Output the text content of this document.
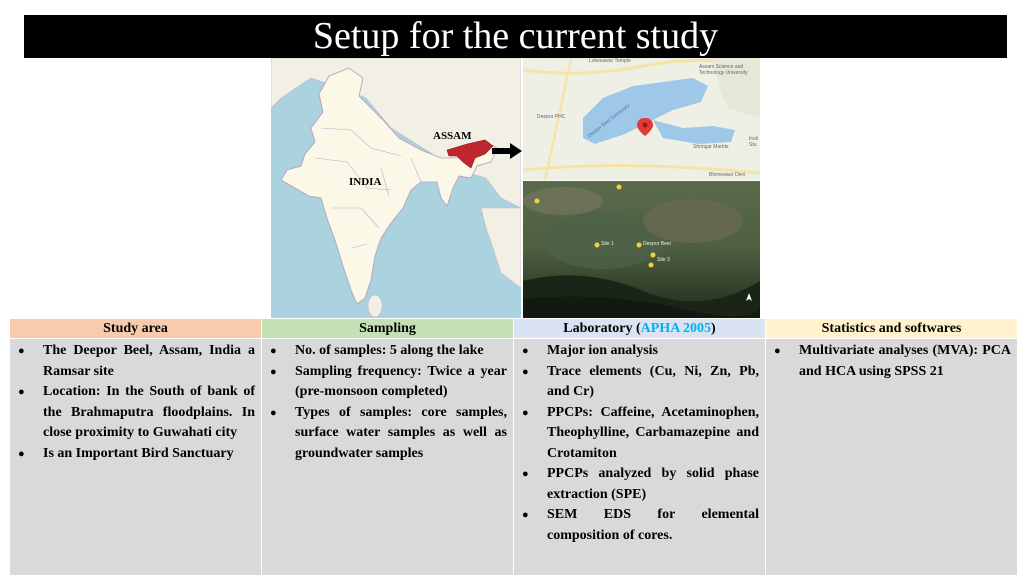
Setup for the current study
ASSAM
INDIA
Lokesawar Temple
Assam Science and Technology University
Deepor PHC	Deepor Beel Sanctuary
Shringar Marble
Insti Stu
Bhimeswer Devi
Site 1	Deepor Beel
Site 3
Study area
● The Deepor Beel, Assam, India a Ramsar site
● Location: In the South of bank of the Brahmaputra floodplains. In close proximity to Guwahati city
● Is an Important Bird Sanctuary
Sampling
● No. of samples: 5 along the lake
● Sampling frequency: Twice a year (pre-monsoon completed)
● Types of samples: core samples, surface water samples as well as groundwater samples
Laboratory (APHA 2005)
● Major ion analysis
● Trace elements (Cu, Ni, Zn, Pb, and Cr)
● PPCPs: Caffeine, Acetaminophen, Theophylline, Carbamazepine and Crotamiton
● PPCPs analyzed by solid phase extraction (SPE)
● SEM EDS for elemental composition of cores.
Statistics and softwares
● Multivariate analyses (MVA): PCA and HCA using SPSS 21
